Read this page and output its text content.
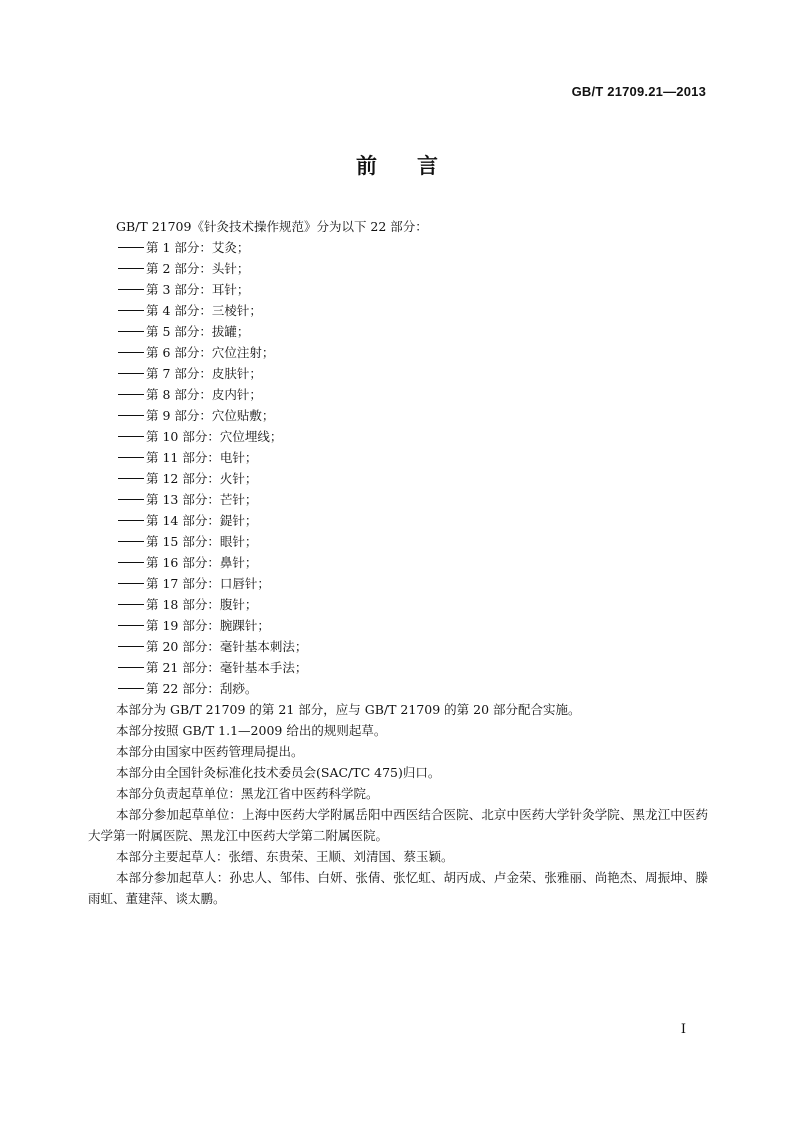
GB/T 21709.21—2013
前言

GB/T 21709《针灸技术操作规范》分为以下 22 部分：

第 1 部分：艾灸；
第 2 部分：头针；
第 3 部分：耳针；
第 4 部分：三棱针；
第 5 部分：拔罐；
第 6 部分：穴位注射；
第 7 部分：皮肤针；
第 8 部分：皮内针；
第 9 部分：穴位贴敷；
第 10 部分：穴位埋线；
第 11 部分：电针；
第 12 部分：火针；
第 13 部分：芒针；
第 14 部分：鍉针；
第 15 部分：眼针；
第 16 部分：鼻针；
第 17 部分：口唇针；
第 18 部分：腹针；
第 19 部分：腕踝针；
第 20 部分：毫针基本刺法；
第 21 部分：毫针基本手法；
第 22 部分：刮痧。

本部分为 GB/T 21709 的第 21 部分，应与 GB/T 21709 的第 20 部分配合实施。

本部分按照 GB/T 1.1—2009 给出的规则起草。

本部分由国家中医药管理局提出。

本部分由全国针灸标准化技术委员会(SAC/TC 475)归口。

本部分负责起草单位：黑龙江省中医药科学院。

本部分参加起草单位：上海中医药大学附属岳阳中西医结合医院、北京中医药大学针灸学院、黑龙江中医药大学第一附属医院、黑龙江中医药大学第二附属医院。

本部分主要起草人：张缙、东贵荣、王顺、刘清国、蔡玉颖。

本部分参加起草人：孙忠人、邹伟、白妍、张倩、张忆虹、胡丙成、卢金荣、张雅丽、尚艳杰、周振坤、滕雨虹、董建萍、谈太鹏。

I
